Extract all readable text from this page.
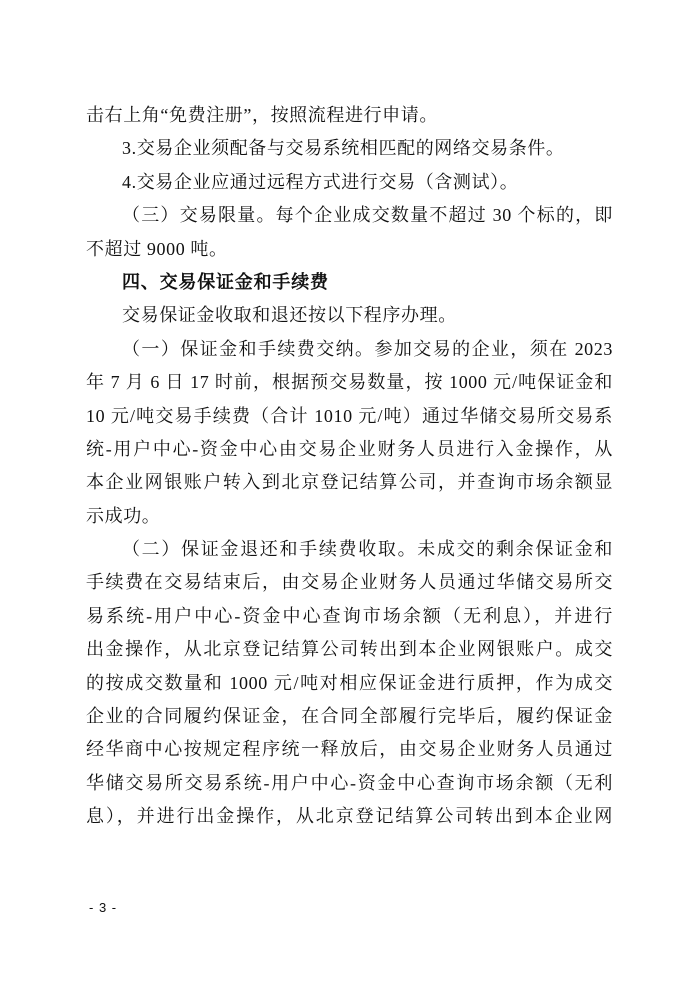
击右上角“免费注册”，按照流程进行申请。
3.交易企业须配备与交易系统相匹配的网络交易条件。
4.交易企业应通过远程方式进行交易（含测试）。
（三）交易限量。每个企业成交数量不超过 30 个标的，即
不超过 9000 吨。
四、交易保证金和手续费
交易保证金收取和退还按以下程序办理。
（一）保证金和手续费交纳。参加交易的企业，须在 2023
年 7 月 6 日 17 时前，根据预交易数量，按 1000 元/吨保证金和
10 元/吨交易手续费（合计 1010 元/吨）通过华储交易所交易系
统-用户中心-资金中心由交易企业财务人员进行入金操作，从
本企业网银账户转入到北京登记结算公司，并查询市场余额显
示成功。
（二）保证金退还和手续费收取。未成交的剩余保证金和
手续费在交易结束后，由交易企业财务人员通过华储交易所交
易系统-用户中心-资金中心查询市场余额（无利息），并进行
出金操作，从北京登记结算公司转出到本企业网银账户。成交
的按成交数量和 1000 元/吨对相应保证金进行质押，作为成交
企业的合同履约保证金，在合同全部履行完毕后，履约保证金
经华商中心按规定程序统一释放后，由交易企业财务人员通过
华储交易所交易系统-用户中心-资金中心查询市场余额（无利
息），并进行出金操作，从北京登记结算公司转出到本企业网
- 3 -
